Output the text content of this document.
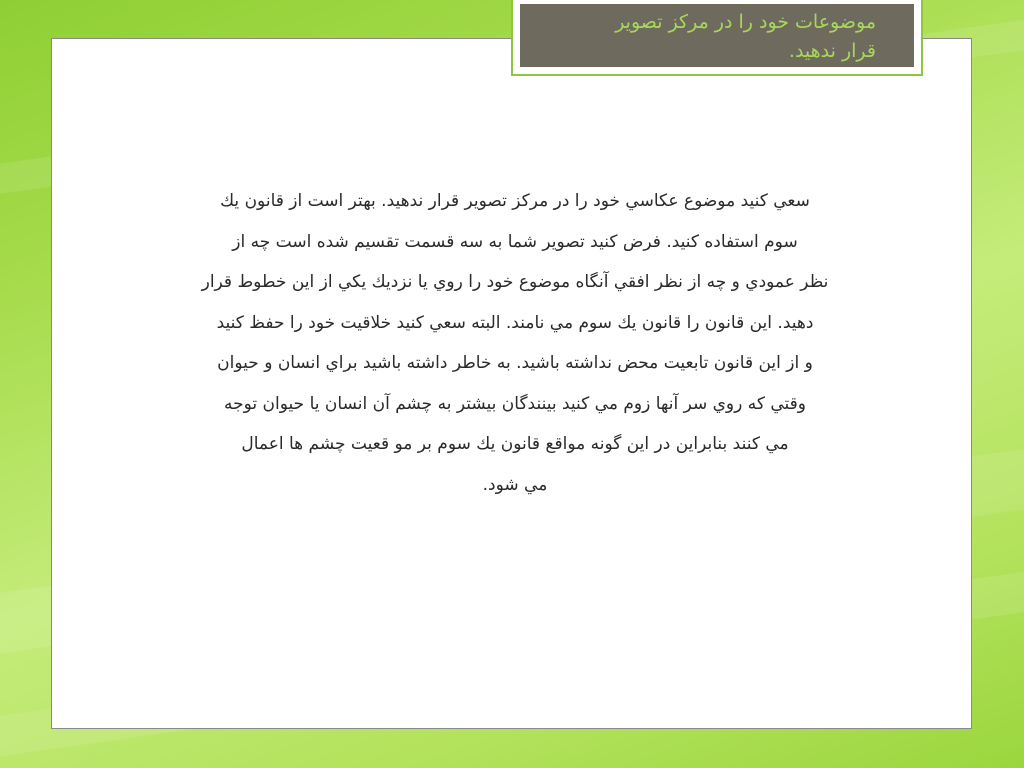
سعي كنيد موضوع عكاسي خود را در مركز تصوير قرار ندهيد. بهتر است از قانون يك
سوم استفاده كنيد. فرض كنيد تصوير شما به سه قسمت تقسيم شده است چه از
نظر عمودي و چه از نظر افقي آنگاه موضوع خود را روي يا نزديك يكي از اين خطوط قرار
دهيد. اين قانون را قانون يك سوم مي نامند. البته سعي كنيد خلاقيت خود را حفظ كنيد
و از اين قانون تابعيت محض نداشته باشيد. به خاطر داشته باشيد براي انسان و حيوان
وقتي كه روي سر آنها زوم مي كنيد بينندگان بيشتر به چشم آن انسان يا حيوان توجه
مي كنند بنابراين در اين گونه مواقع قانون يك سوم بر مو قعيت چشم ها اعمال
مي شود.
موضوعات خود را در مرکز تصویر
قرار ندهید.
